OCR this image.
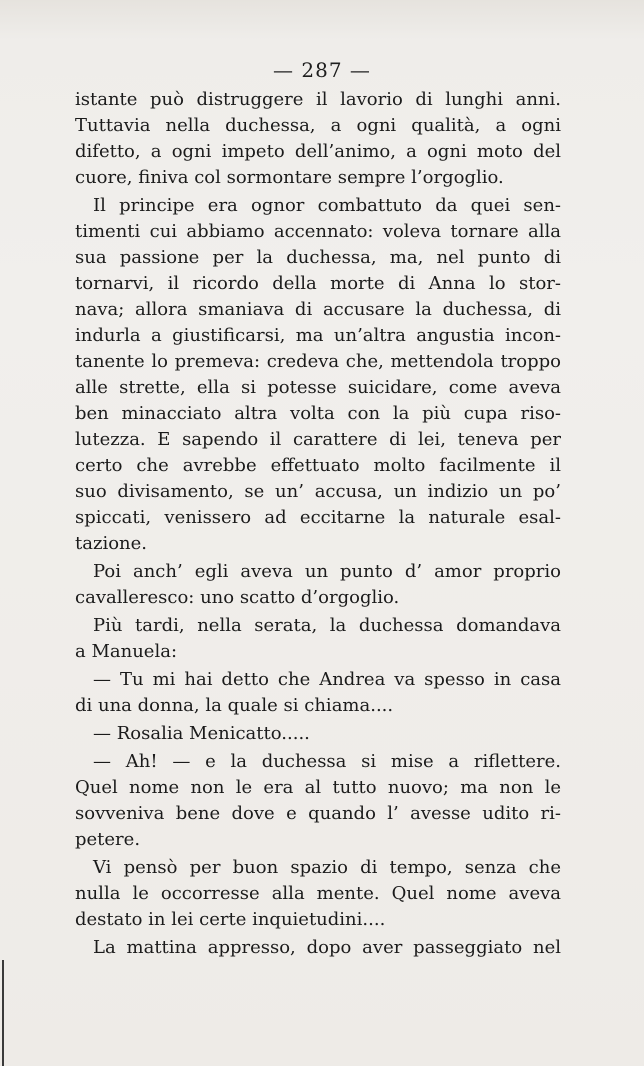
— 287 —
istante può distruggere il lavorio di lunghi anni.
Tuttavia nella duchessa, a ogni qualità, a ogni
difetto, a ogni impeto dell’animo, a ogni moto del
cuore, finiva col sormontare sempre l’orgoglio.
Il principe era ognor combattuto da quei sen-
timenti cui abbiamo accennato: voleva tornare alla
sua passione per la duchessa, ma, nel punto di
tornarvi, il ricordo della morte di Anna lo stor-
nava; allora smaniava di accusare la duchessa, di
indurla a giustificarsi, ma un’altra angustia incon-
tanente lo premeva: credeva che, mettendola troppo
alle strette, ella si potesse suicidare, come aveva
ben minacciato altra volta con la più cupa riso-
lutezza. E sapendo il carattere di lei, teneva per
certo che avrebbe effettuato molto facilmente il
suo divisamento, se un’ accusa, un indizio un po’
spiccati, venissero ad eccitarne la naturale esal-
tazione.
Poi anch’ egli aveva un punto d’ amor proprio
cavalleresco: uno scatto d’orgoglio.
Più tardi, nella serata, la duchessa domandava
a Manuela:
— Tu mi hai detto che Andrea va spesso in casa
di una donna, la quale si chiama....
— Rosalia Menicatto.....
— Ah! — e la duchessa si mise a riflettere.
Quel nome non le era al tutto nuovo; ma non le
sovveniva bene dove e quando l’ avesse udito ri-
petere.
Vi pensò per buon spazio di tempo, senza che
nulla le occorresse alla mente. Quel nome aveva
destato in lei certe inquietudini....
La mattina appresso, dopo aver passeggiato nel
